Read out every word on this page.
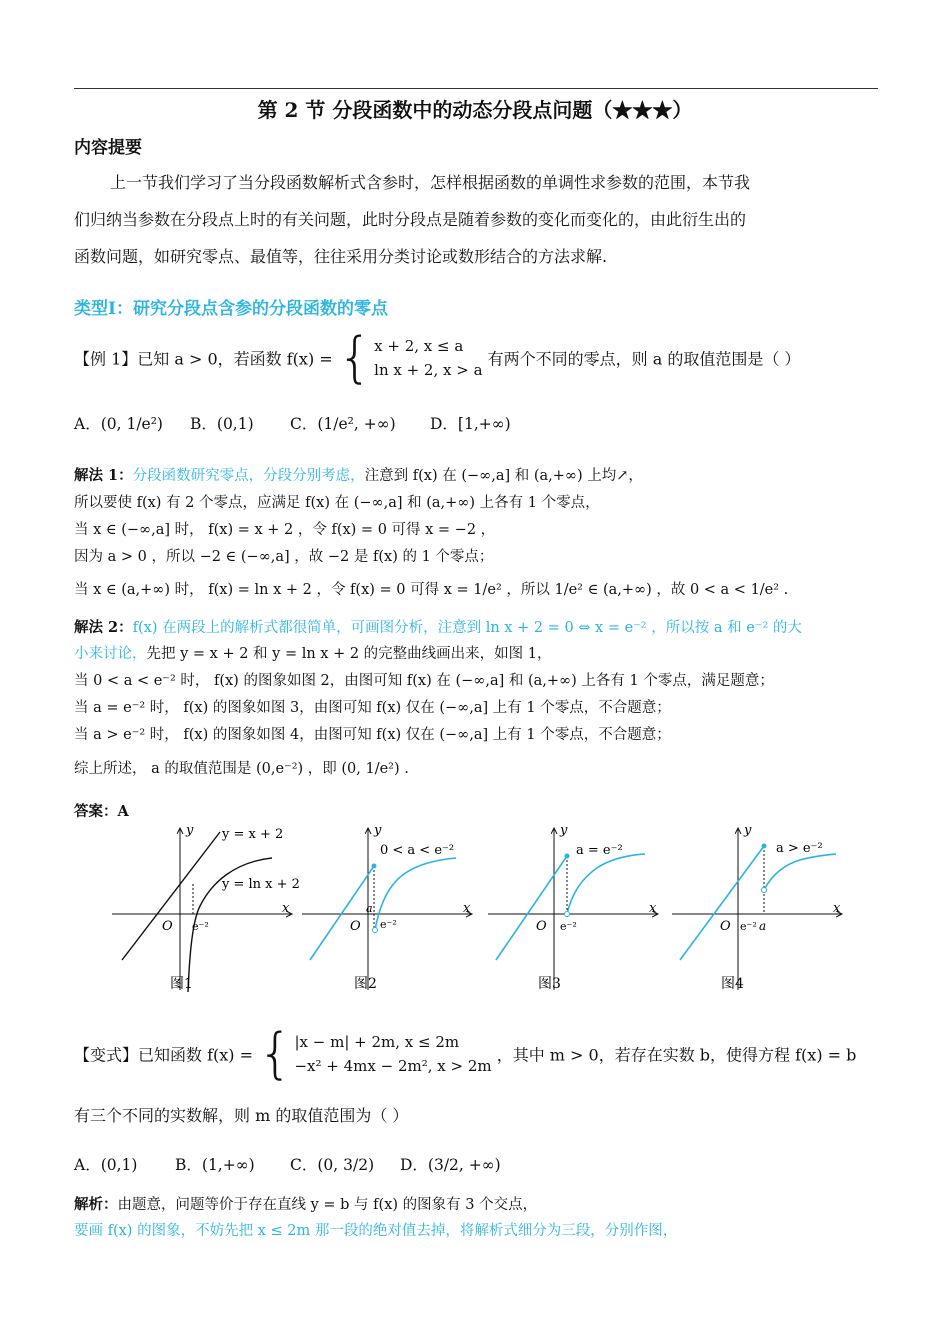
第 2 节 分段函数中的动态分段点问题（★★★）
内容提要
上一节我们学习了当分段函数解析式含参时，怎样根据函数的单调性求参数的范围，本节我
们归纳当参数在分段点上时的有关问题，此时分段点是随着参数的变化而变化的，由此衍生出的
函数问题，如研究零点、最值等，往往采用分类讨论或数形结合的方法求解.
类型Ⅰ：研究分段点含参的分段函数的零点
【例 1】已知 a > 0，若函数 f(x) = { x + 2, x ≤ a
ln x + 2, x > a
有两个不同的零点，则 a 的取值范围是（ ）
A．(0, 1/e²) B．(0,1) C．(1/e², +∞) D．[1,+∞)
解法 1：分段函数研究零点，分段分别考虑，注意到 f(x) 在 (−∞,a] 和 (a,+∞) 上均↗，
所以要使 f(x) 有 2 个零点，应满足 f(x) 在 (−∞,a] 和 (a,+∞) 上各有 1 个零点，
当 x ∈ (−∞,a] 时， f(x) = x + 2 ，令 f(x) = 0 可得 x = −2 ，
因为 a > 0 ，所以 −2 ∈ (−∞,a] ，故 −2 是 f(x) 的 1 个零点；
当 x ∈ (a,+∞) 时， f(x) = ln x + 2 ，令 f(x) = 0 可得 x = 1/e² ，所以 1/e² ∈ (a,+∞) ，故 0 < a < 1/e² .
解法 2：f(x) 在两段上的解析式都很简单，可画图分析，注意到 ln x + 2 = 0 ⇔ x = e⁻² ，所以按 a 和 e⁻² 的大
小来讨论，先把 y = x + 2 和 y = ln x + 2 的完整曲线画出来，如图 1，
当 0 < a < e⁻² 时， f(x) 的图象如图 2，由图可知 f(x) 在 (−∞,a] 和 (a,+∞) 上各有 1 个零点，满足题意；
当 a = e⁻² 时， f(x) 的图象如图 3，由图可知 f(x) 仅在 (−∞,a] 上有 1 个零点，不合题意；
当 a > e⁻² 时， f(x) 的图象如图 4，由图可知 f(x) 仅在 (−∞,a] 上有 1 个零点，不合题意；
综上所述， a 的取值范围是 (0,e⁻²) ，即 (0, 1/e²) .
答案：A
y = x + 2
y = ln x + 2
y
x
O e⁻²
0 < a < e⁻²
y
x
O
a
e⁻²
a = e⁻²
y
x
O e⁻²
a > e⁻²
y
x
O e⁻² a
图1	图2	图3	图4
【变式】已知函数 f(x) = { |x − m| + 2m, x ≤ 2m
−x² + 4mx − 2m², x > 2m
，其中 m > 0，若存在实数 b，使得方程 f(x) = b
有三个不同的实数解，则 m 的取值范围为（ ）
A．(0,1) B．(1,+∞) C．(0, 3/2) D．(3/2, +∞)
解析：由题意，问题等价于存在直线 y = b 与 f(x) 的图象有 3 个交点，
要画 f(x) 的图象，不妨先把 x ≤ 2m 那一段的绝对值去掉，将解析式细分为三段，分别作图，
